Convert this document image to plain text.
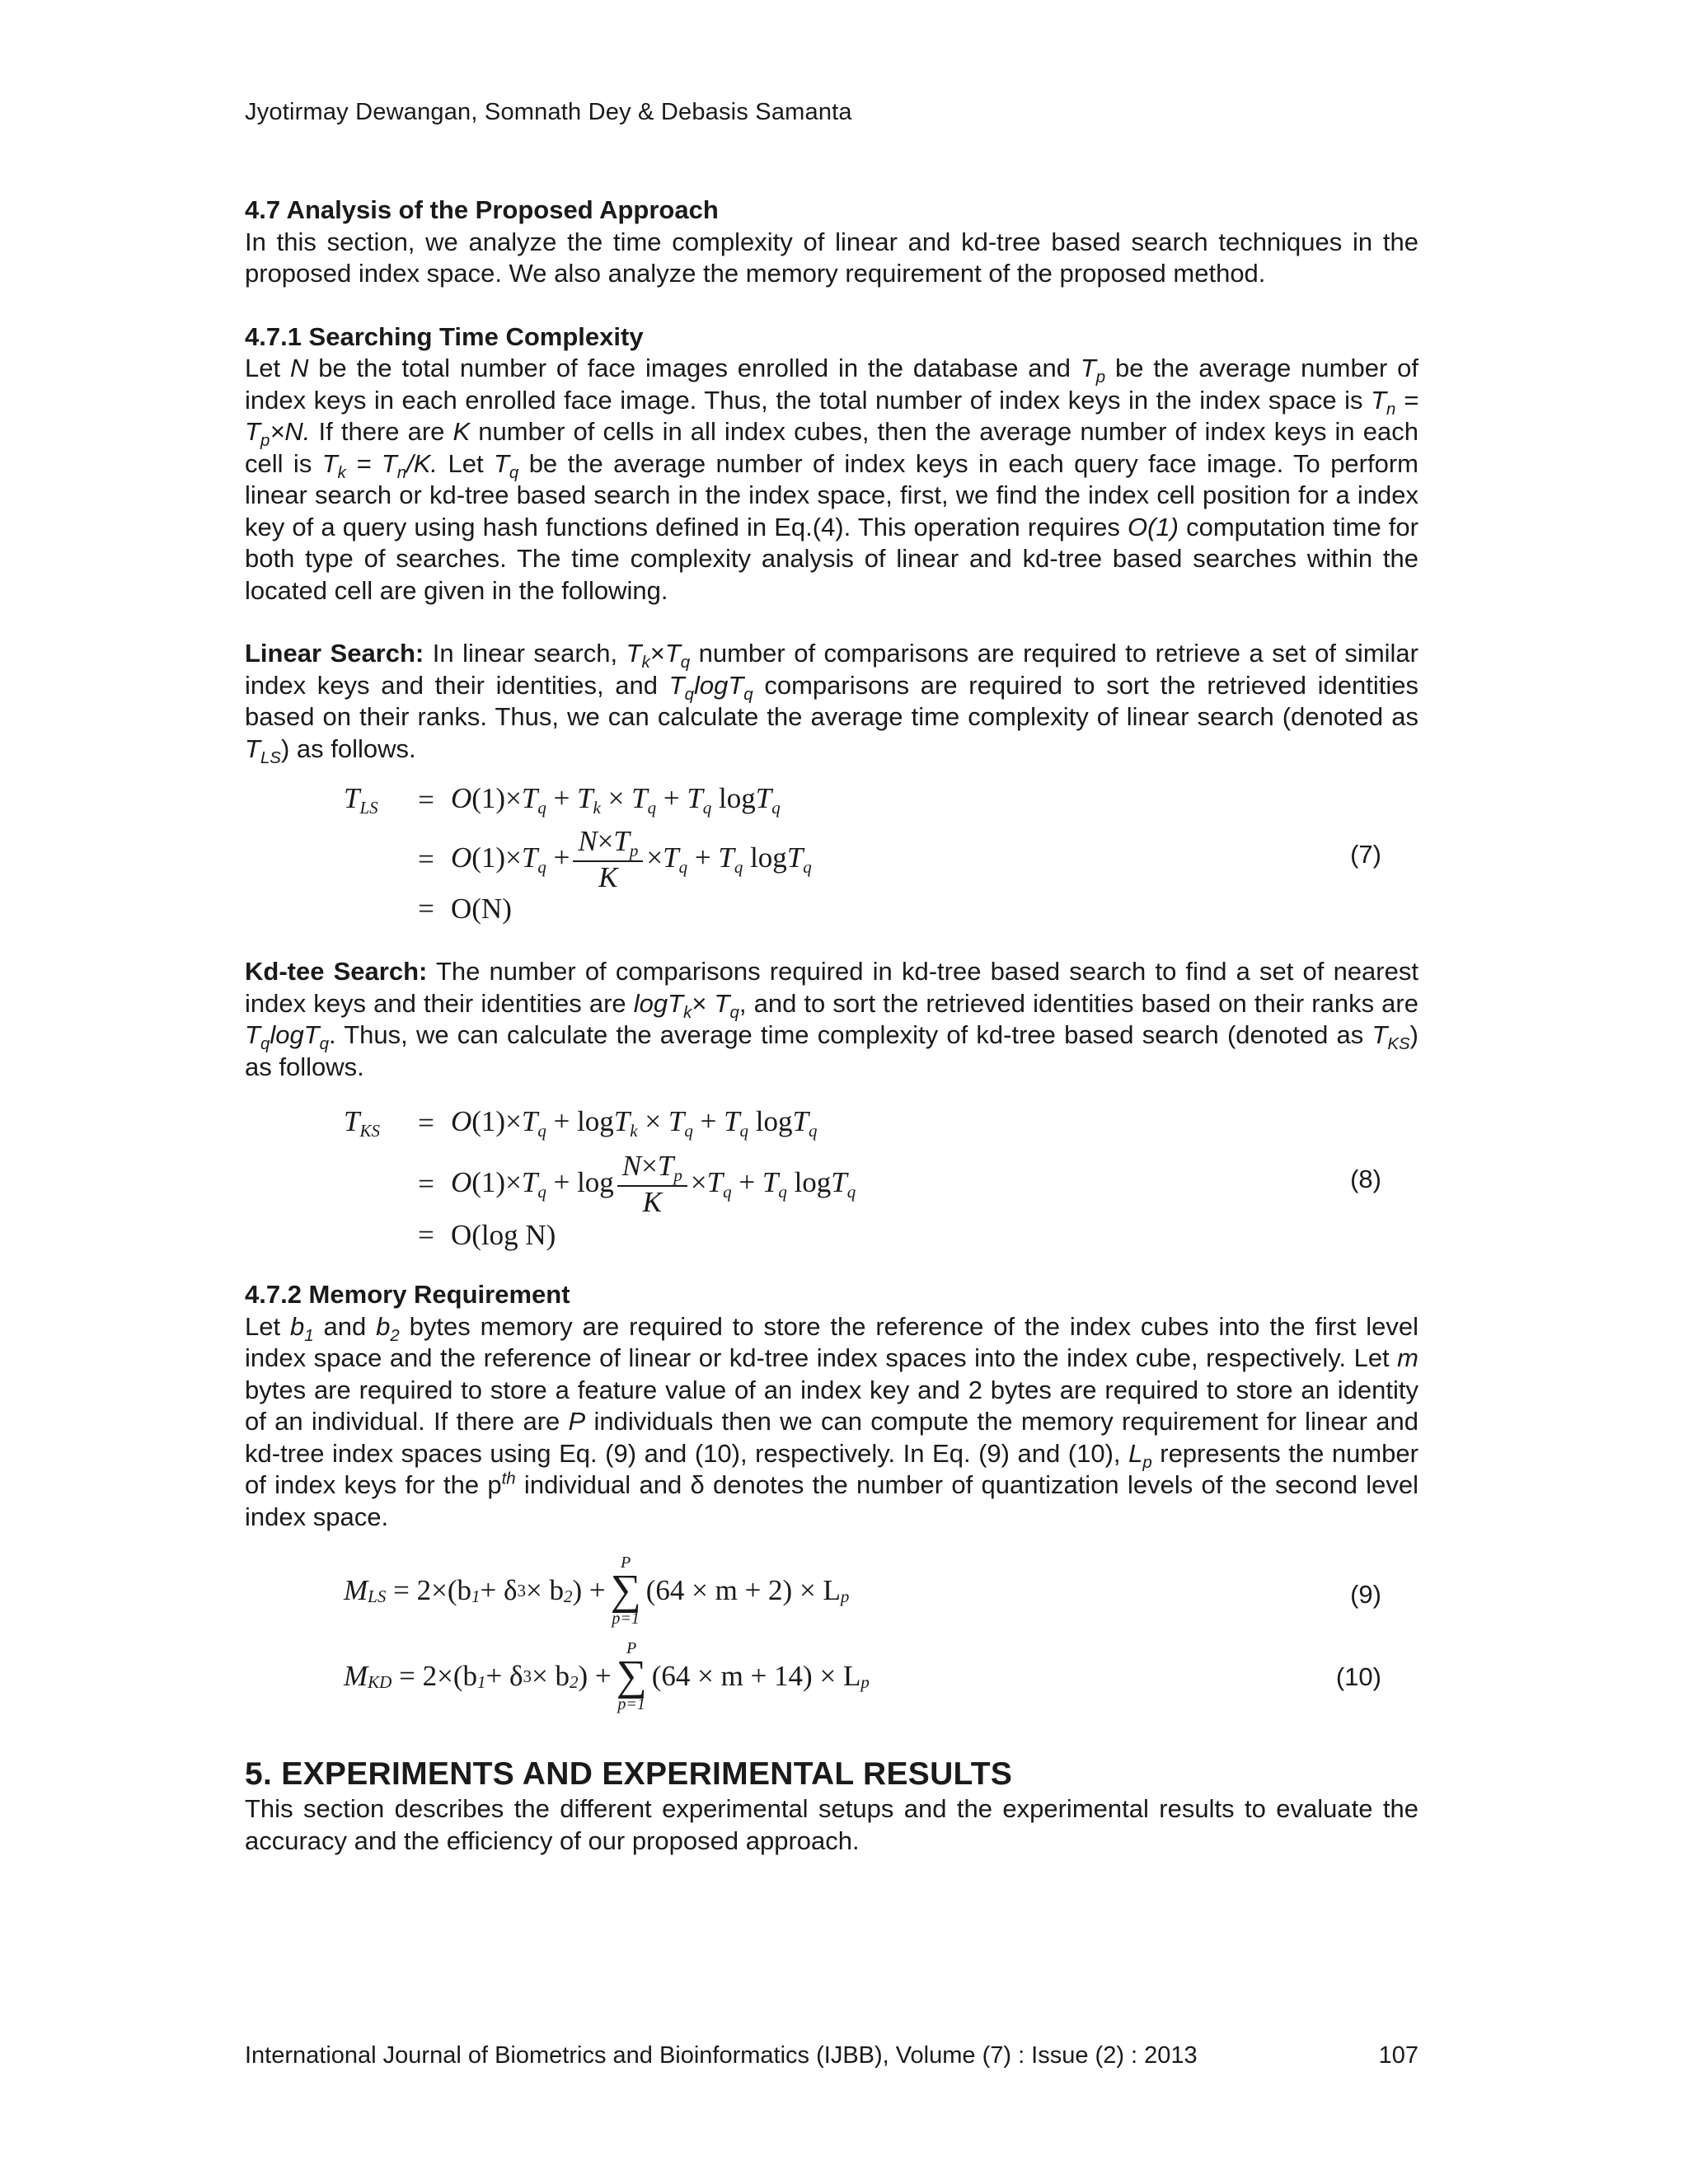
Jyotirmay Dewangan, Somnath Dey & Debasis Samanta

4.7 Analysis of the Proposed Approach

In this section, we analyze the time complexity of linear and kd-tree based search techniques in the proposed index space. We also analyze the memory requirement of the proposed method.

4.7.1 Searching Time Complexity

Let N be the total number of face images enrolled in the database and $T_p$ be the average number of index keys in each enrolled face image. Thus, the total number of index keys in the index space is $T_n = T_p\times N$. If there are K number of cells in all index cubes, then the average number of index keys in each cell is $T_k = T_n/K$. Let $T_q$ be the average number of index keys in each query face image. To perform linear search or kd-tree based search in the index space, first, we find the index cell position for a index key of a query using hash functions defined in Eq.(4). This operation requires O(1) computation time for both type of searches. The time complexity analysis of linear and kd-tree based searches within the located cell are given in the following.

Linear Search: In linear search, $T_k\times T_q$ number of comparisons are required to retrieve a set of similar index keys and their identities, and $T_q\log T_q$ comparisons are required to sort the retrieved identities based on their ranks. Thus, we can calculate the average time complexity of linear search (denoted as $T_{LS}$) as follows.

$T_{LS}$	= $O(1)\times T_q + T_k \times T_q + T_q$ logT$_q$
= $O(1)\times T_q + \frac{N\times T_p}{K} \times T_q + T_q$ logT$_q$
= O(N)
(7)

Kd-tee Search: The number of comparisons required in kd-tree based search to find a set of nearest index keys and their identities are $\log T_k\times T_q$, and to sort the retrieved identities based on their ranks are $T_q\log T_q$. Thus, we can calculate the average time complexity of kd-tree based search (denoted as $T_{KS}$) as follows.

$T_{KS}$	= $O(1)\times T_q + \log T_k \times T_q + T_q$ logT$_q$
= $O(1)\times T_q + \log \frac{N\times T_p}{K} \times T_q + T_q$ logT$_q$
= O(log N)
(8)

4.7.2 Memory Requirement

Let $b_1$ and $b_2$ bytes memory are required to store the reference of the index cubes into the first level index space and the reference of linear or kd-tree index spaces into the index cube, respectively. Let m bytes are required to store a feature value of an index key and 2 bytes are required to store an identity of an individual. If there are P individuals then we can compute the memory requirement for linear and kd-tree index spaces using Eq. (9) and (10), respectively. In Eq. (9) and (10), $L_p$ represents the number of index keys for the $p^{th}$ individual and δ denotes the number of quantization levels of the second level index space.

M LS
= 2×(b 1 + δ 3 × b 2 ) +
P
∑
p=1
(64 × m + 2) × L p	(9)
M KD
= 2×(b 1 + δ 3 × b 2 ) +
P
∑
p=1
(64 × m + 14) × L p	(10)

5. EXPERIMENTS AND EXPERIMENTAL RESULTS

This section describes the different experimental setups and the experimental results to evaluate the accuracy and the efficiency of our proposed approach.

International Journal of Biometrics and Bioinformatics (IJBB), Volume (7) : Issue (2) : 2013	107
